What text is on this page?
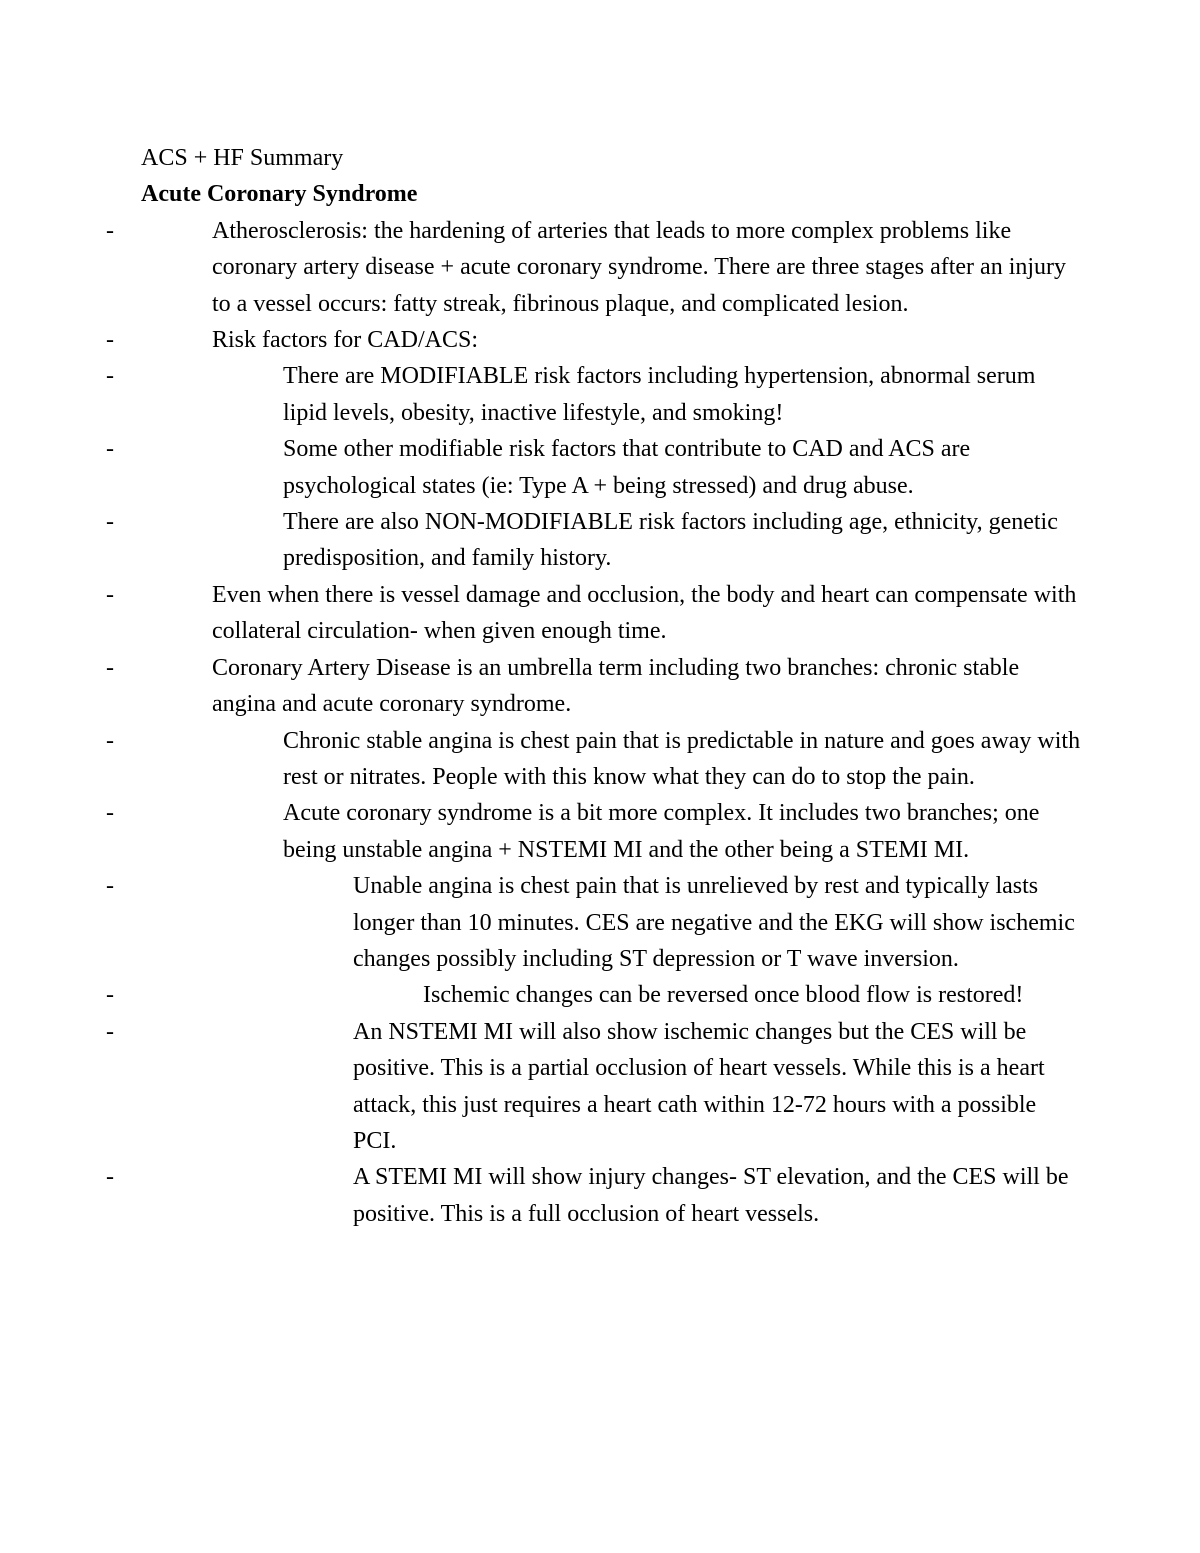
ACS + HF Summary
Acute Coronary Syndrome
- Atherosclerosis: the hardening of arteries that leads to more complex problems like coronary artery disease + acute coronary syndrome. There are three stages after an injury to a vessel occurs: fatty streak, fibrinous plaque, and complicated lesion.
- Risk factors for CAD/ACS:
- There are MODIFIABLE risk factors including hypertension, abnormal serum lipid levels, obesity, inactive lifestyle, and smoking!
- Some other modifiable risk factors that contribute to CAD and ACS are psychological states (ie: Type A + being stressed) and drug abuse.
- There are also NON-MODIFIABLE risk factors including age, ethnicity, genetic predisposition, and family history.
- Even when there is vessel damage and occlusion, the body and heart can compensate with collateral circulation- when given enough time.
- Coronary Artery Disease is an umbrella term including two branches: chronic stable angina and acute coronary syndrome.
- Chronic stable angina is chest pain that is predictable in nature and goes away with rest or nitrates. People with this know what they can do to stop the pain.
- Acute coronary syndrome is a bit more complex. It includes two branches; one being unstable angina + NSTEMI MI and the other being a STEMI MI.
- Unable angina is chest pain that is unrelieved by rest and typically lasts longer than 10 minutes. CES are negative and the EKG will show ischemic changes possibly including ST depression or T wave inversion.
- Ischemic changes can be reversed once blood flow is restored!
- An NSTEMI MI will also show ischemic changes but the CES will be positive. This is a partial occlusion of heart vessels. While this is a heart attack, this just requires a heart cath within 12-72 hours with a possible PCI.
- A STEMI MI will show injury changes- ST elevation, and the CES will be positive. This is a full occlusion of heart vessels.
